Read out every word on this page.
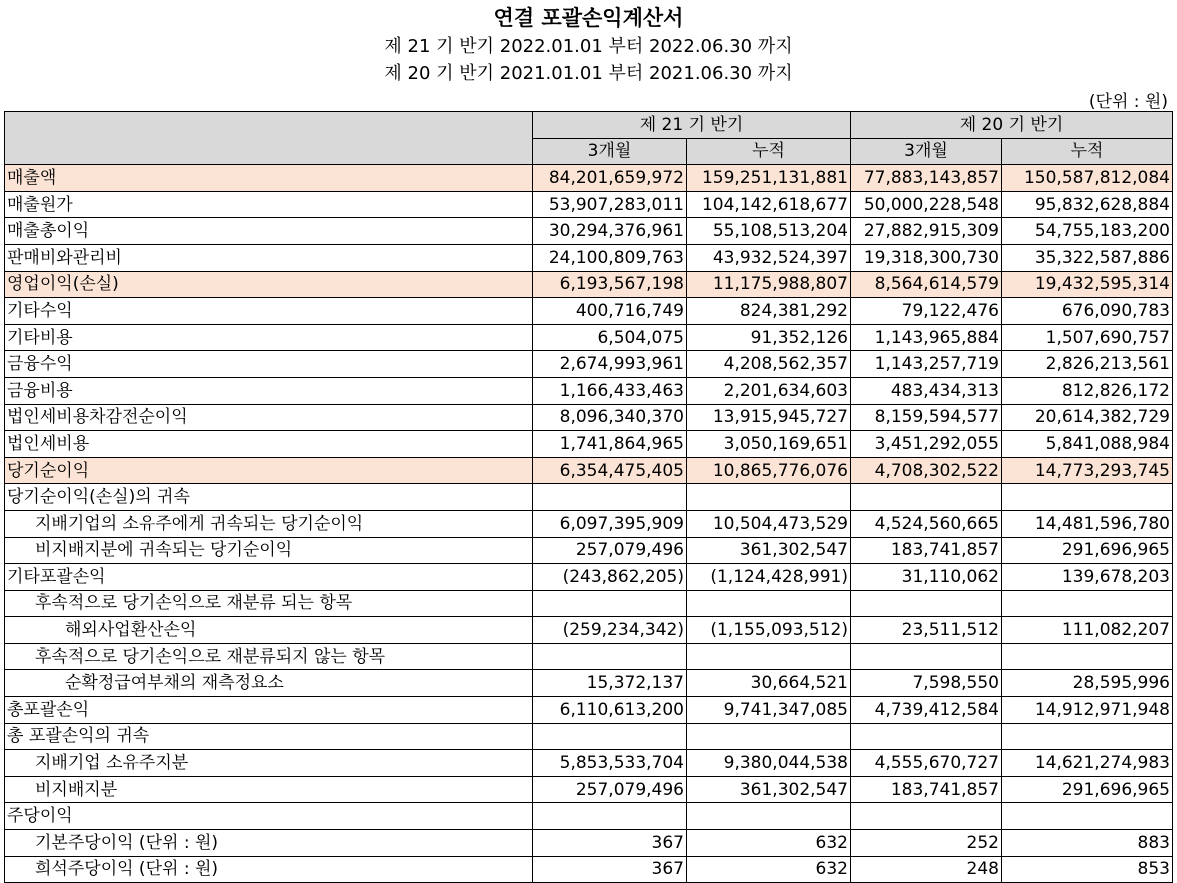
연결 포괄손익계산서
제 21 기 반기 2022.01.01 부터 2022.06.30 까지
제 20 기 반기 2021.01.01 부터 2021.06.30 까지
(단위 : 원)
	제 21 기 반기		제 20 기 반기	
	3개월	누적	3개월	누적
매출액	84,201,659,972	159,251,131,881	77,883,143,857	150,587,812,084
매출원가	53,907,283,011	104,142,618,677	50,000,228,548	95,832,628,884
매출총이익	30,294,376,961	55,108,513,204	27,882,915,309	54,755,183,200
판매비와관리비	24,100,809,763	43,932,524,397	19,318,300,730	35,322,587,886
영업이익(손실)	6,193,567,198	11,175,988,807	8,564,614,579	19,432,595,314
기타수익	400,716,749	824,381,292	79,122,476	676,090,783
기타비용	6,504,075	91,352,126	1,143,965,884	1,507,690,757
금융수익	2,674,993,961	4,208,562,357	1,143,257,719	2,826,213,561
금융비용	1,166,433,463	2,201,634,603	483,434,313	812,826,172
법인세비용차감전순이익	8,096,340,370	13,915,945,727	8,159,594,577	20,614,382,729
법인세비용	1,741,864,965	3,050,169,651	3,451,292,055	5,841,088,984
당기순이익	6,354,475,405	10,865,776,076	4,708,302,522	14,773,293,745
당기순이익(손실)의 귀속				
지배기업의 소유주에게 귀속되는 당기순이익	6,097,395,909	10,504,473,529	4,524,560,665	14,481,596,780
비지배지분에 귀속되는 당기순이익	257,079,496	361,302,547	183,741,857	291,696,965
기타포괄손익	(243,862,205)	(1,124,428,991)	31,110,062	139,678,203
후속적으로 당기손익으로 재분류 되는 항목				
해외사업환산손익	(259,234,342)	(1,155,093,512)	23,511,512	111,082,207
후속적으로 당기손익으로 재분류되지 않는 항목				
순확정급여부채의 재측정요소	15,372,137	30,664,521	7,598,550	28,595,996
총포괄손익	6,110,613,200	9,741,347,085	4,739,412,584	14,912,971,948
총 포괄손익의 귀속				
지배기업 소유주지분	5,853,533,704	9,380,044,538	4,555,670,727	14,621,274,983
비지배지분	257,079,496	361,302,547	183,741,857	291,696,965
주당이익				
기본주당이익 (단위 : 원)	367	632	252	883
희석주당이익 (단위 : 원)	367	632	248	853
